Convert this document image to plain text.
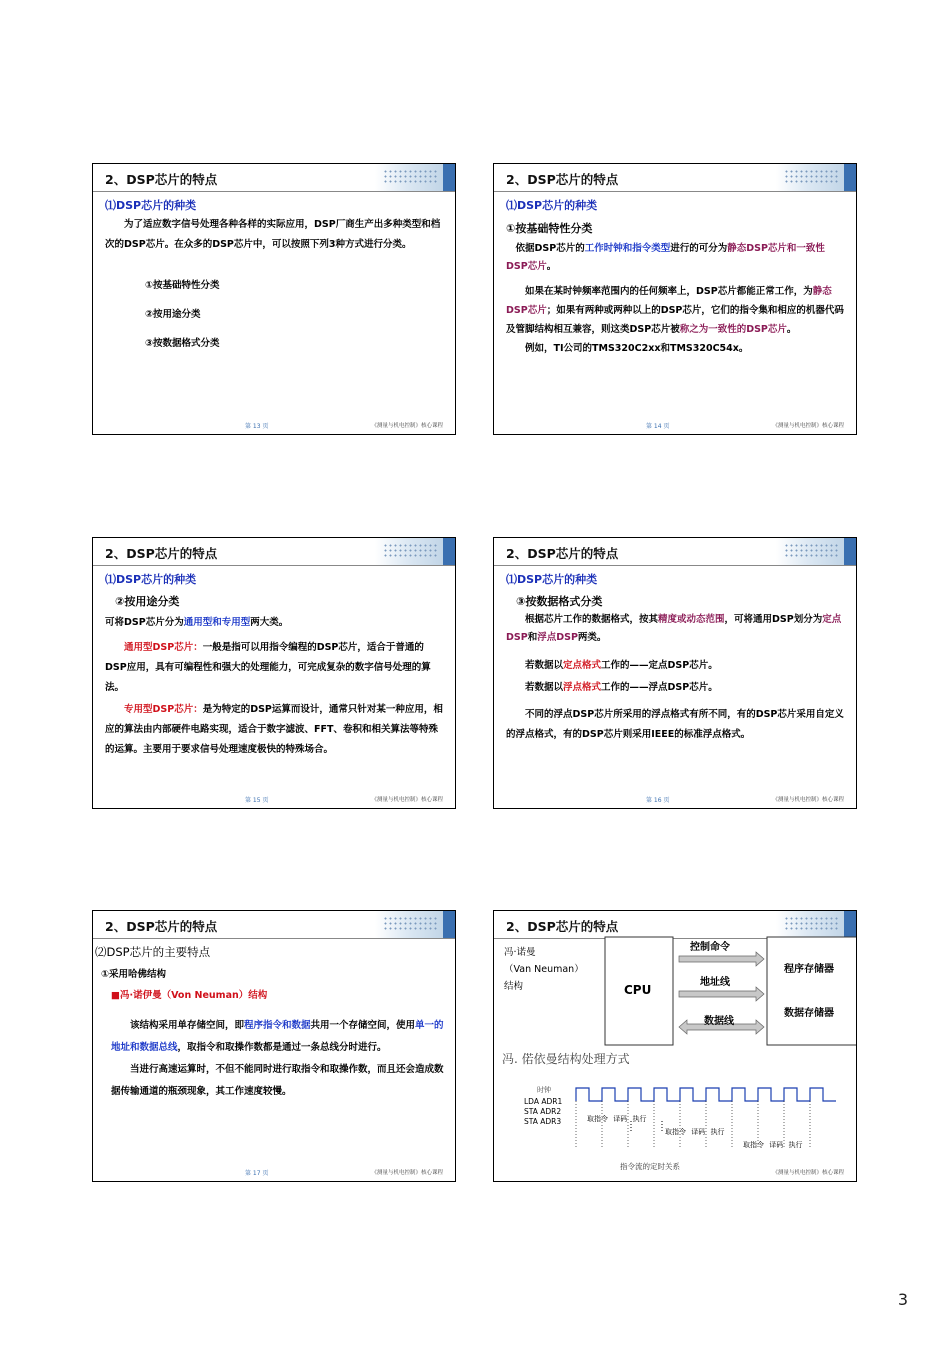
2、DSP芯片的特点
⑴DSP芯片的种类
为了适应数字信号处理各种各样的实际应用，DSP厂商生产出多种类型和档次的DSP芯片。在众多的DSP芯片中，可以按照下列3种方式进行分类。
①按基础特性分类
②按用途分类
③按数据格式分类
第 13 页	《测量与机电控制》核心课程
2、DSP芯片的特点
⑴DSP芯片的种类
①按基础特性分类
依据DSP芯片的工作时钟和指令类型进行的可分为静态DSP芯片和一致性DSP芯片。
如果在某时钟频率范围内的任何频率上，DSP芯片都能正常工作，为静态DSP芯片；如果有两种或两种以上的DSP芯片，它们的指令集和相应的机器代码及管脚结构相互兼容，则这类DSP芯片被称之为一致性的DSP芯片。
例如，TI公司的TMS320C2xx和TMS320C54x。
第 14 页	《测量与机电控制》核心课程
2、DSP芯片的特点
⑴DSP芯片的种类
②按用途分类
可将DSP芯片分为通用型和专用型两大类。
通用型DSP芯片：一般是指可以用指令编程的DSP芯片，适合于普通的DSP应用，具有可编程性和强大的处理能力，可完成复杂的数字信号处理的算法。
专用型DSP芯片：是为特定的DSP运算而设计，通常只针对某一种应用，相应的算法由内部硬件电路实现，适合于数字滤波、FFT、卷积和相关算法等特殊的运算。主要用于要求信号处理速度极快的特殊场合。
第 15 页	《测量与机电控制》核心课程
2、DSP芯片的特点
⑴DSP芯片的种类
③按数据格式分类
根据芯片工作的数据格式，按其精度或动态范围，可将通用DSP划分为定点DSP和浮点DSP两类。
若数据以定点格式工作的——定点DSP芯片。
若数据以浮点格式工作的——浮点DSP芯片。
不同的浮点DSP芯片所采用的浮点格式有所不同，有的DSP芯片采用自定义的浮点格式，有的DSP芯片则采用IEEE的标准浮点格式。
第 16 页	《测量与机电控制》核心课程
2、DSP芯片的特点
⑵DSP芯片的主要特点
①采用哈佛结构
■冯·诺伊曼（Von Neuman）结构
该结构采用单存储空间，即程序指令和数据共用一个存储空间，使用单一的地址和数据总线，取指令和取操作数都是通过一条总线分时进行。
当进行高速运算时，不但不能同时进行取指令和取操作数，而且还会造成数据传输通道的瓶颈现象，其工作速度较慢。
第 17 页	《测量与机电控制》核心课程
2、DSP芯片的特点
冯·诺曼
（Van Neuman）
结构	CPU
控制命令
地址线
数据线
程序存储器
数据存储器
冯. 偌依曼结构处理方式
时钟
LDA ADR1
STA ADR2
STA ADR3	取指令 译码 执行
取指令 译码 执行
取指令 译码 执行
指令流的定时关系
《测量与机电控制》核心课程
3
